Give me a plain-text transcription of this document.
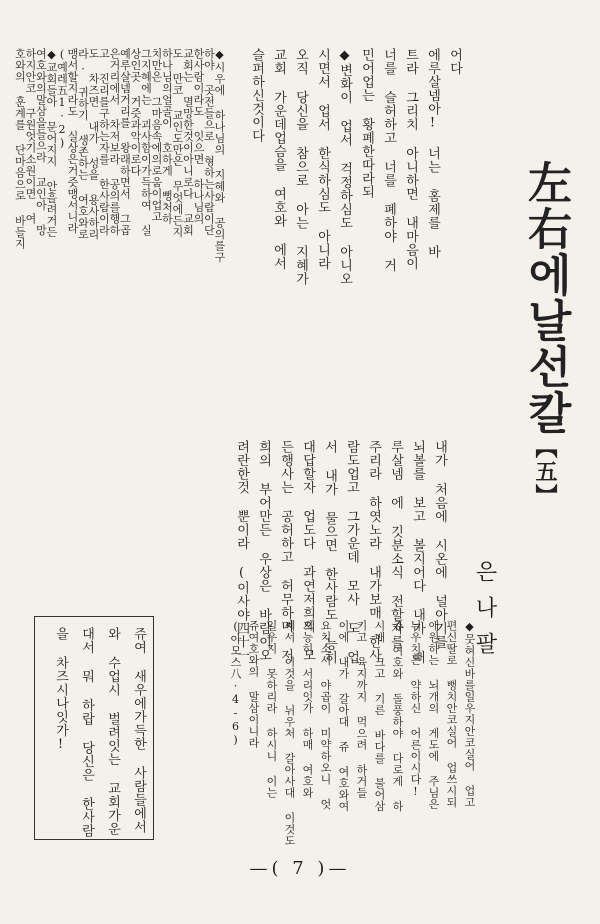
左右에날선칼【五】
은나팔
쥬여 새우에가득한 사람들에서
와 수업시 벌려잇는 교회가운
대서 뭐 하랍 당신은 한사람
을 차즈시나잇가!
—( 7 )—
◆뭇혀신바를일우지안코실어 업고
편신딸로 뻥치안코실어 업쓰시되
애원하는 뇌개의 게도에 주님은
뉘우치는 약하신 어른이시다!
쥬 여호와 돌풍하야 다로게 하
시매 크고 기른 바다를 불어삼
키고 육지까지 먹으려 하거들
이에 내가 갈아대 쥬 여호와여
요치소서 야곱이 미약하오니 엇
지능히 서리잇가 하매 여호와
쎄서 이것을 뉘우처 갈아사대 이것도
일우지 못하리라 하시니 이는
쥬여호와의 말삼이니라
(아모스八·4-6)
어다
에루살넴아! 너는 홈제를 바
트라 그리치 아니하면 내마음이
너를 슬허하고 너를 폐하야 거
민어업는 황폐한따라되
◆변화이 업서 걱정하심도 아니오
시면서 업서 한식하심도 아니라
오직 당신을 참으로 아는 지혜가
교회 가운데업슴을 여호와 에서
슬퍼하신것이다
내가 처음에 시온에 널아기를
뇌볼를 보고 볼지어다 내가 뻐
루살넴 에 깃분소식 전할자를
주리라 하엿노라 내가보매 한사
람도업고 그가운데 모사 도 업
서 내가 물으면 한사람도 능히
대답할자 업도다 과연저희의 모
든행사는 공허하고 허무하며 저
희의 부어만든 우상은 바람이오
려란한것 뿐이라 (이사야四十一
◆시우에 하나님의 지혜와 공의를구
하야 곳전들으로 형하는사람이단
한사람이라도 잇으면 하나님의
교회는 멸망한것이아니로다 교회
도 만코 교인도만은 무엇에든지
하나님의얼골이 호하게 뻥처하
치만은 그마음속에의로움이업고
그지혜에는 괴사함이가득하여 실
상인곳 거즛과악이로다
예루살넴거리를 왕래하면서 그곱
은거리에서 차저보라 공의를행하
고 진리를구하는자를 한사람이라
도 차즈면 내가 성을 용사하리
라. 귀하기 생존하는 여호와로
맹서할지라도 실상은거즛맹서니라
(예레五1·2)
◆교회들아 문어지지 안흘려거든
여호와의말삼을들으라 교인아 망
하지안코 구원엇기소원이면 여
호와의 훈계를 단마음으로 바들지
